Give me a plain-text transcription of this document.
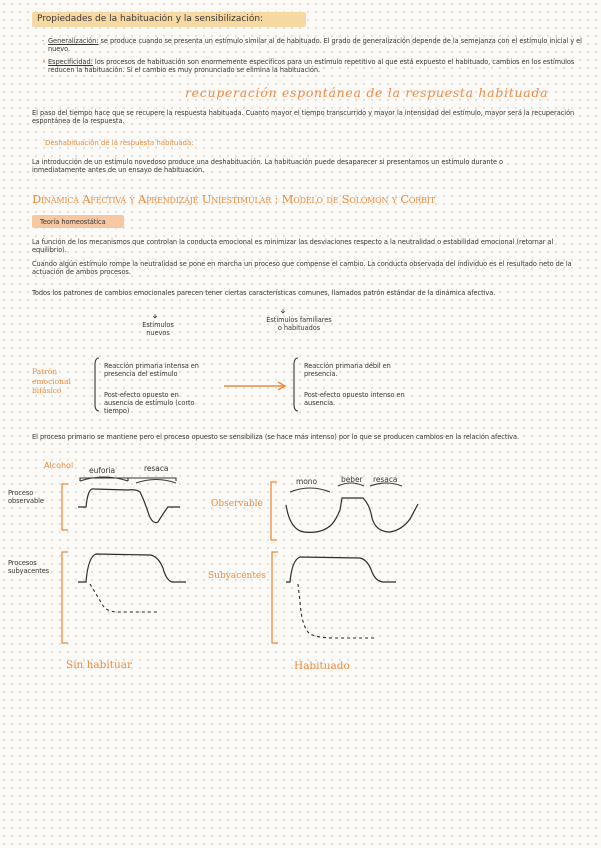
Propiedades de la habituación y la sensibilización:
· Generalización: se produce cuando se presenta un estímulo similar al de habituado. El grado de generalización depende de la semejanza con el estímulo inicial y el nuevo.
• Especificidad: los procesos de habituación son enormemente específicos para un estímulo repetitivo al que está expuesto el habituado, cambios en los estímulos reducen la habituación. Si el cambio es muy pronunciado se elimina la habituación.
recuperación espontánea de la respuesta habituada
El paso del tiempo hace que se recupere la respuesta habituada. Cuanto mayor el tiempo transcurrido y mayor la intensidad del estímulo, mayor será la recuperación espontánea de la respuesta.
Deshabituación de la respuesta habituada:
La introducción de un estímulo novedoso produce una deshabituación. La habituación puede desaparecer si presentamos un estímulo durante o inmediatamente antes de un ensayo de habituación.
Dinámica Afectiva y Aprendizaje Uniestimular : Modelo de Solomon y Corbit
Teoría homeostática
La función de los mecanismos que controlan la conducta emocional es minimizar las desviaciones respecto a la neutralidad o estabilidad emocional (retornar al equilibrio).
Cuando algún estímulo rompe la neutralidad se pone en marcha un proceso que compense el cambio. La conducta observada del individuo es el resultado neto de la actuación de ambos procesos.
Todos los patrones de cambios emocionales parecen tener ciertas características comunes, llamados patrón estándar de la dinámica afectiva.
Estímulos nuevos
Estímulos familiares o habituados
Patrón emocional bifásico
Reacción primaria intensa en presencia del estímulo
Post-efecto opuesto en ausencia de estímulo (corto tiempo)
Reacción primaria débil en presencia.
Post-efecto opuesto intenso en ausencia.
El proceso primario se mantiene pero el proceso opuesto se sensibiliza (se hace más intenso) por lo que se producen cambios en la relación afectiva.
Alcohol
euforia	resaca
Proceso observable
Procesos subyacentes
mono	beber resaca
Observable
Subyacentes
Sin habituar	Habituado
